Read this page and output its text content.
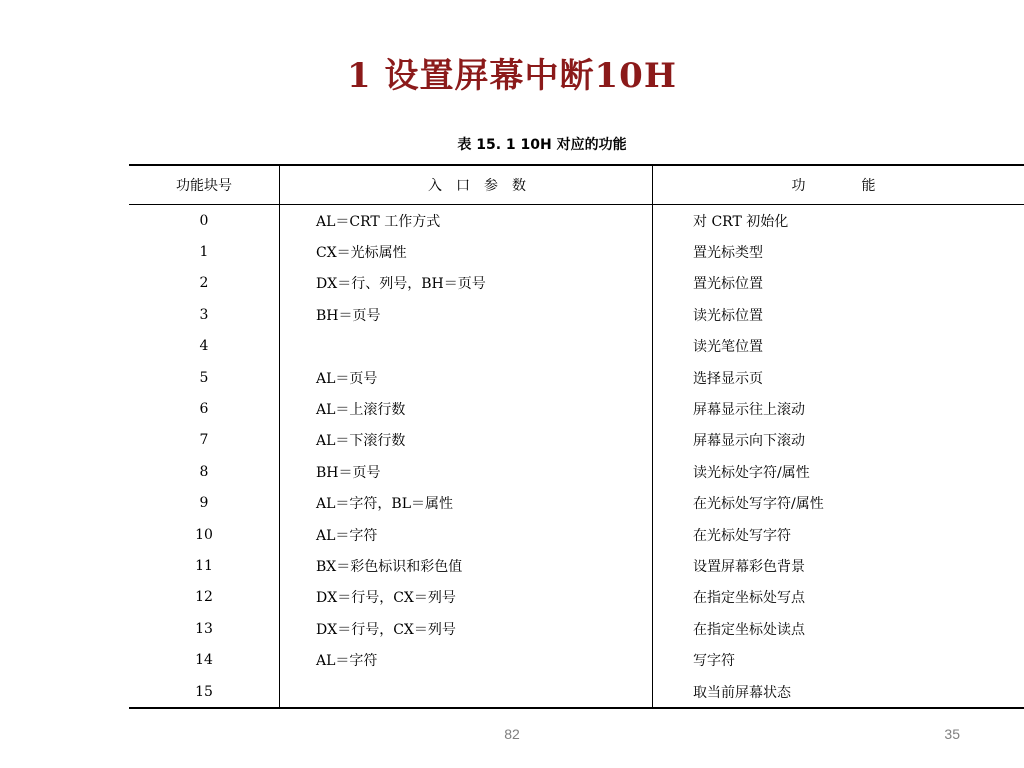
1 设置屏幕中断10H
表 15. 1 10H 对应的功能
功能块号	入口参数	功能
0	AL＝CRT 工作方式	对 CRT 初始化
1	CX＝光标属性	置光标类型
2	DX＝行、列号，BH＝页号	置光标位置
3	BH＝页号	读光标位置
4		读光笔位置
5	AL＝页号	选择显示页
6	AL＝上滚行数	屏幕显示往上滚动
7	AL＝下滚行数	屏幕显示向下滚动
8	BH＝页号	读光标处字符/属性
9	AL＝字符，BL＝属性	在光标处写字符/属性
10	AL＝字符	在光标处写字符
11	BX＝彩色标识和彩色值	设置屏幕彩色背景
12	DX＝行号，CX＝列号	在指定坐标处写点
13	DX＝行号，CX＝列号	在指定坐标处读点
14	AL＝字符	写字符
15		取当前屏幕状态
82	35
